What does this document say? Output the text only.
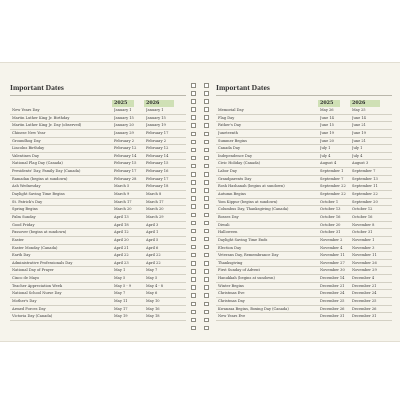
Important Dates
2025	2026
New Years Day	January 1	January 1
Martin Luther King Jr. Birthday	January 15	January 15
Martin Luther King Jr. Day (observed)	January 20	January 19
Chinese New Year	January 29	February 17
Groundhog Day	February 2	February 2
Lincolns Birthday	February 12	February 12
Valentines Day	February 14	February 14
National Flag Day (Canada)	February 15	February 15
Presidents' Day, Family Day (Canada)	February 17	February 16
Ramadan (begins at sundown)	February 28	February 17
Ash Wednesday	March 5	February 18
Daylight Saving Time Begins	March 9	March 8
St. Patrick's Day	March 17	March 17
Spring Begins	March 20	March 20
Palm Sunday	April 13	March 29
Good Friday	April 18	April 3
Passover (begins at sundown)	April 12	April 1
Easter	April 20	April 5
Easter Monday (Canada)	April 21	April 6
Earth Day	April 22	April 22
Administrative Professionals Day	April 23	April 22
National Day of Prayer	May 1	May 7
Cinco de Mayo	May 5	May 5
Teacher Appreciation Week	May 5 - 9	May 4 - 8
National School Nurse Day	May 7	May 6
Mother's Day	May 11	May 10
Armed Forces Day	May 17	May 16
Victoria Day (Canada)	May 19	May 18
Important Dates
2025	2026
Memorial Day	May 26	May 25
Flag Day	June 14	June 14
Father's Day	June 15	June 21
Juneteenth	June 19	June 19
Summer Begins	June 20	June 21
Canada Day	July 1	July 1
Independence Day	July 4	July 4
Civic Holiday (Canada)	August 4	August 3
Labor Day	September 1	September 7
Grandparents Day	September 7	September 13
Rosh Hashanah (begins at sundown)	September 22 September 11
Autumn Begins	September 22 September 22
Yom Kippur (begins at sundown)	October 1	September 20
Columbus Day, Thanksgiving (Canada)	October 13	October 12
Bosses Day	October 16	October 16
Diwali	October 20	November 8
Halloween	October 31	October 31
Daylight Saving Time Ends	November 2	November 1
Election Day	November 4	November 3
Veterans Day, Remembrance Day	November 11	November 11
Thanksgiving	November 27	November 26
First Sunday of Advent	November 30	November 29
Hanukkah (begins at sundown)	December 14	December 4
Winter Begins	December 21	December 21
Christmas Eve	December 24	December 24
Christmas Day	December 25	December 25
Kwanzaa Begins, Boxing Day (Canada)	December 26	December 26
New Years Eve	December 31	December 31
